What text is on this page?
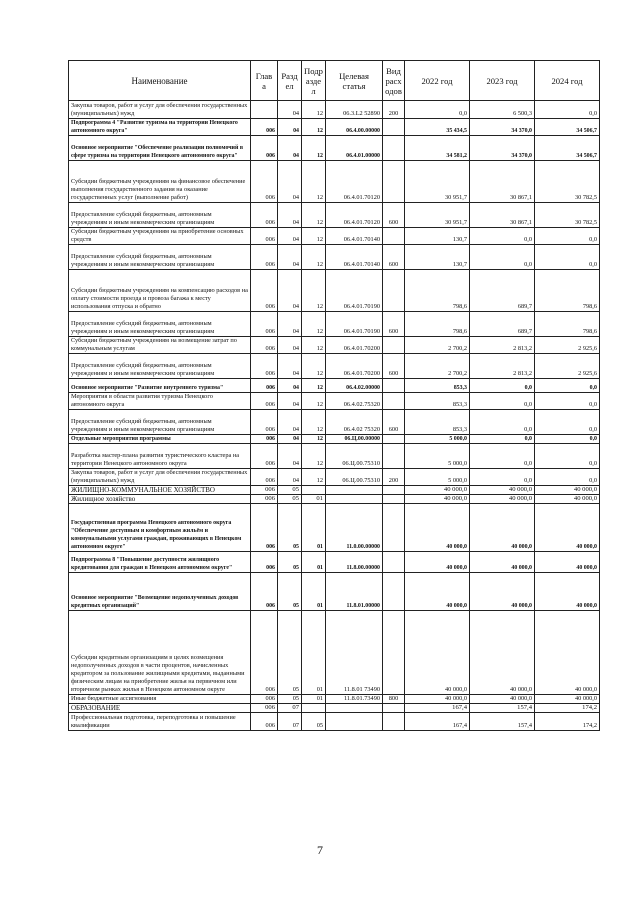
Наименование	Глав а	Разд ел	Подр азде л	Целевая статья	Вид расх одов	2022 год	2023 год	2024 год
Закупка товаров, работ и услуг для обеспечения государственных (муниципальных) нужд		04	12	06.3.L2 52890	200	0,0	6 500,3	0,0
Подпрограмма 4 "Развитие туризма на территории Ненецкого автономного округа"	006	04	12	06.4.00.00000		35 434,5	34 370,0	34 506,7
Основное мероприятие "Обеспечение реализации полномочий в сфере туризма на территории Ненецкого автономного округа"	006	04	12	06.4.01.00000		34 581,2	34 370,0	34 506,7
Субсидии бюджетным учреждениям на финансовое обеспечение выполнения государственного задания на оказание государственных услуг (выполнение работ)	006	04	12	06.4.01.70120		30 951,7	30 867,1	30 782,5
Предоставление субсидий бюджетным, автономным учреждениям и иным некоммерческим организациям	006	04	12	06.4.01.70120	600	30 951,7	30 867,1	30 782,5
Субсидии бюджетным учреждениям на приобретение основных средств	006	04	12	06.4.01.70140		130,7	0,0	0,0
Предоставление субсидий бюджетным, автономным учреждениям и иным некоммерческим организациям	006	04	12	06.4.01.70140	600	130,7	0,0	0,0
Субсидии бюджетным учреждениям на компенсацию расходов на оплату стоимости проезда и провоза багажа к месту использования отпуска и обратно	006	04	12	06.4.01.70190		798,6	689,7	798,6
Предоставление субсидий бюджетным, автономным учреждениям и иным некоммерческим организациям	006	04	12	06.4.01.70190	600	798,6	689,7	798,6
Субсидии бюджетным учреждениям на возмещение затрат по коммунальным услугам	006	04	12	06.4.01.70200		2 700,2	2 813,2	2 925,6
Предоставление субсидий бюджетным, автономным учреждениям и иным некоммерческим организациям	006	04	12	06.4.01.70200	600	2 700,2	2 813,2	2 925,6
Основное мероприятие "Развитие внутреннего туризма"	006	04	12	06.4.02.00000		853,3	0,0	0,0
Мероприятия в области развития туризма Ненецкого автономного округа	006	04	12	06.4.02.75320		853,3	0,0	0,0
Предоставление субсидий бюджетным, автономным учреждениям и иным некоммерческим организациям	006	04	12	06.4.02 75320	600	853,3	0,0	0,0
Отдельные мероприятия программы	006	04	12	06.Ц.00.00000		5 000,0	0,0	0,0
Разработка мастер-плана развития туристического кластера на территории Ненецкого автономного округа	006	04	12	06.Ц.00.75310		5 000,0	0,0	0,0
Закупка товаров, работ и услуг для обеспечения государственных (муниципальных) нужд	006	04	12	06.Ц.00.75310	200	5 000,0	0,0	0,0
ЖИЛИЩНО-КОММУНАЛЬНОЕ ХОЗЯЙСТВО	006	05				40 000,0	40 000,0	40 000,0
Жилищное хозяйство	006	05	01			40 000,0	40 000,0	40 000,0
Государственная программа Ненецкого автономного округа "Обеспечение доступным и комфортным жильём и коммунальными услугами граждан, проживающих в Ненецком автономном округе"	006	05	01	11.0.00.00000		40 000,0	40 000,0	40 000,0
Подпрограмма 8 "Повышение доступности жилищного кредитования для граждан в Ненецком автономном округе"	006	05	01	11.8.00.00000		40 000,0	40 000,0	40 000,0
Основное мероприятие "Возмещение недополученных доходов кредитных организаций"	006	05	01	11.8.01.00000		40 000,0	40 000,0	40 000,0
Субсидии кредитным организациям в целях возмещения недополученных доходов в части процентов, начисленных кредитором за пользование жилищными кредитами, выданными физическим лицам на приобретение жилья на первичном или вторичном рынках жилья в Ненецком автономном округе	006	05	01	11.8.01 73490		40 000,0	40 000,0	40 000,0
Иные бюджетные ассигнования	006	05	01	11.8.01.73490	800	40 000,0	40 000,0	40 000,0
ОБРАЗОВАНИЕ	006	07				167,4	157,4	174,2
Профессиональная подготовка, переподготовка и повышение квалификации	006	07	05			167,4	157,4	174,2
7
